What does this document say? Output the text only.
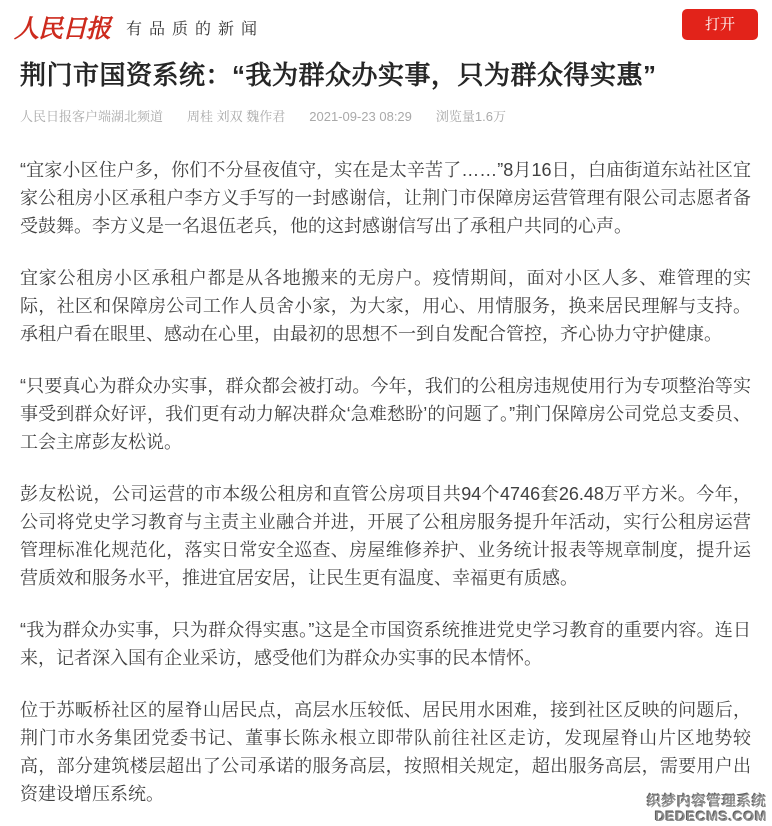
人民日报 有品质的新闻	打开
荆门市国资系统：“我为群众办实事，只为群众得实惠”
人民日报客户端湖北频道 周桂 刘双 魏作君 2021-09-23 08:29 浏览量1.6万

“宜家小区住户多，你们不分昼夜值守，实在是太辛苦了……”8月16日，白庙街道东站社区宜家公租房小区承租户李方义手写的一封感谢信，让荆门市保障房运营管理有限公司志愿者备受鼓舞。李方义是一名退伍老兵，他的这封感谢信写出了承租户共同的心声。

宜家公租房小区承租户都是从各地搬来的无房户。疫情期间，面对小区人多、难管理的实际，社区和保障房公司工作人员舍小家，为大家，用心、用情服务，换来居民理解与支持。承租户看在眼里、感动在心里，由最初的思想不一到自发配合管控，齐心协力守护健康。

“只要真心为群众办实事，群众都会被打动。今年，我们的公租房违规使用行为专项整治等实事受到群众好评，我们更有动力解决群众‘急难愁盼’的问题了。”荆门保障房公司党总支委员、工会主席彭友松说。

彭友松说，公司运营的市本级公租房和直管公房项目共94个4746套26.48万平方米。今年，公司将党史学习教育与主责主业融合并进，开展了公租房服务提升年活动，实行公租房运营管理标准化规范化，落实日常安全巡查、房屋维修养护、业务统计报表等规章制度，提升运营质效和服务水平，推进宜居安居，让民生更有温度、幸福更有质感。

“我为群众办实事，只为群众得实惠。”这是全市国资系统推进党史学习教育的重要内容。连日来，记者深入国有企业采访，感受他们为群众办实事的民本情怀。

位于苏畈桥社区的屋脊山居民点，高层水压较低、居民用水困难，接到社区反映的问题后，荆门市水务集团党委书记、董事长陈永根立即带队前往社区走访，发现屋脊山片区地势较高，部分建筑楼层超出了公司承诺的服务高层，按照相关规定，超出服务高层，需要用户出资建设增压系统。	织梦内容管理系统
DEDECMS.COM
